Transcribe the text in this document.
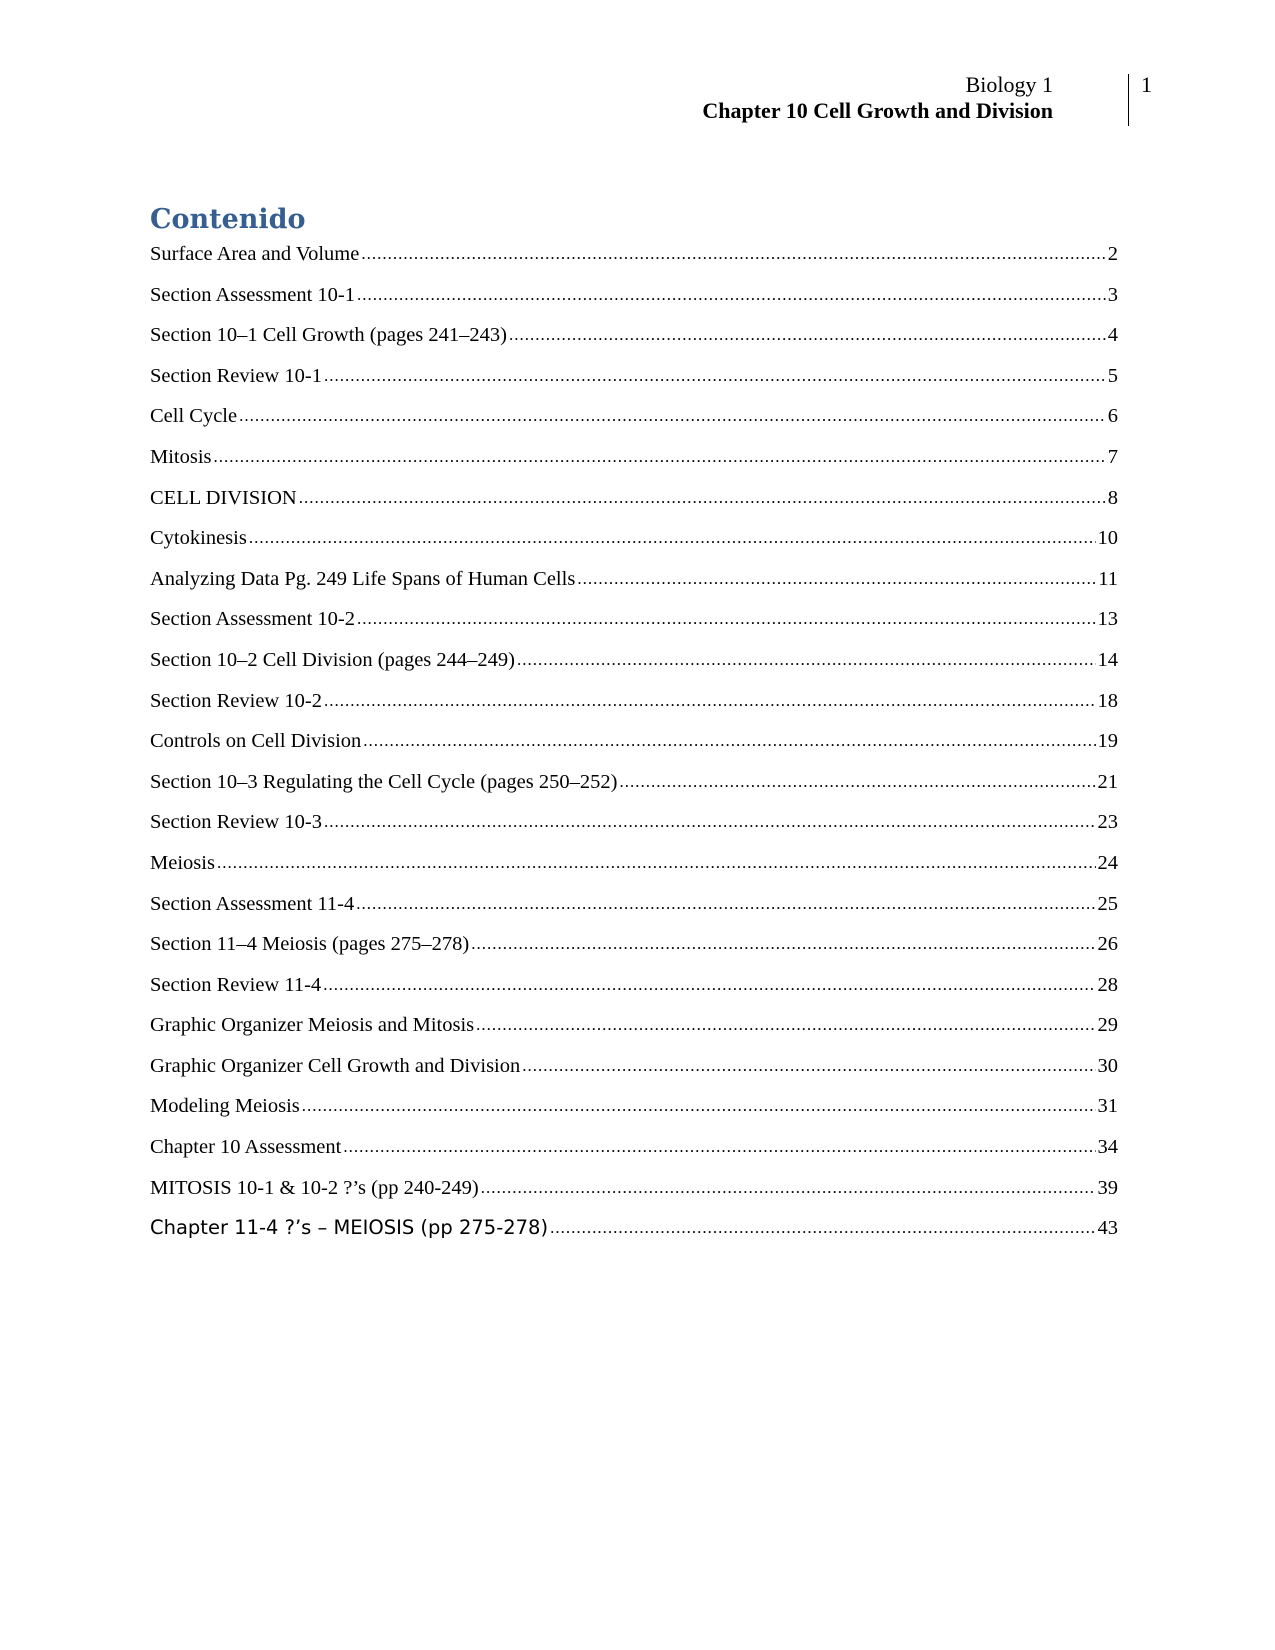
Biology 1
Chapter 10 Cell Growth and Division
1
Contenido
Surface Area and Volume .....	2
Section Assessment 10-1 .....	3
Section 10–1 Cell Growth (pages 241–243) .....	4
Section Review 10-1 .....	5
Cell Cycle .....	6
Mitosis .....	7
CELL DIVISION .....	8
Cytokinesis .....	10
Analyzing Data Pg. 249 Life Spans of Human Cells .....	11
Section Assessment 10-2 .....	13
Section 10–2 Cell Division (pages 244–249) .....	14
Section Review 10-2 .....	18
Controls on Cell Division .....	19
Section 10–3 Regulating the Cell Cycle (pages 250–252) .....	21
Section Review 10-3 .....	23
Meiosis .....	24
Section Assessment 11-4 .....	25
Section 11–4 Meiosis (pages 275–278) .....	26
Section Review 11-4 .....	28
Graphic Organizer Meiosis and Mitosis .....	29
Graphic Organizer Cell Growth and Division .....	30
Modeling Meiosis .....	31
Chapter 10 Assessment .....	34
MITOSIS 10-1 & 10-2 ?’s (pp 240-249) .....	39
Chapter 11-4 ?’s – MEIOSIS (pp 275-278) .....	43
